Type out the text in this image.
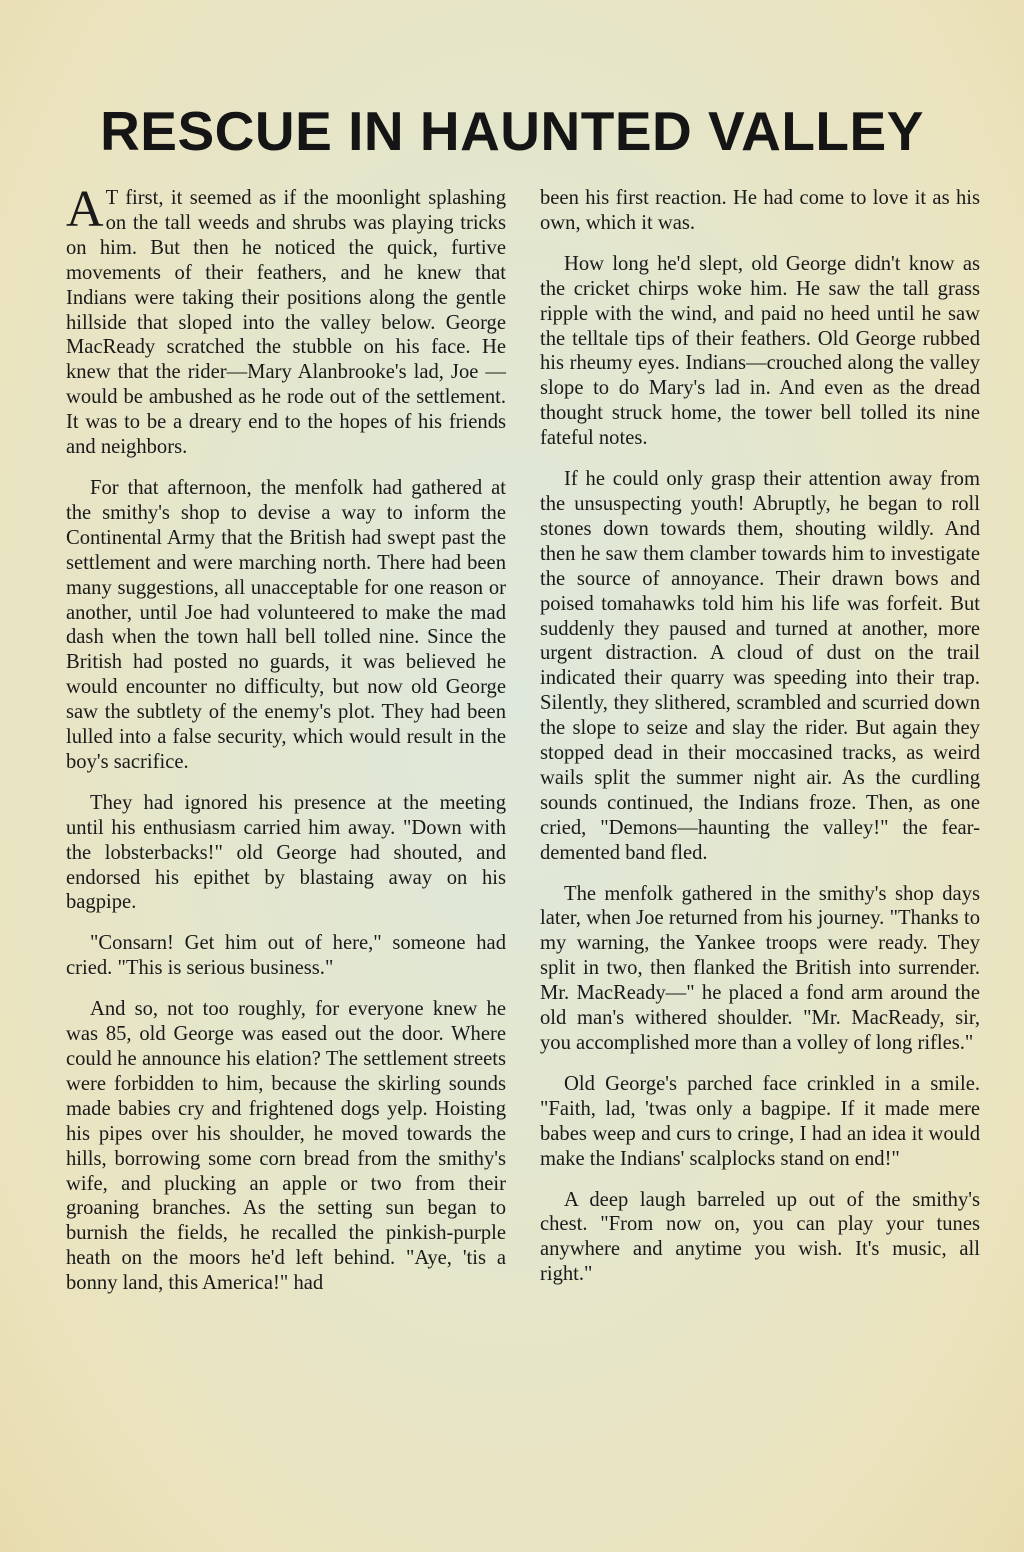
RESCUE IN HAUNTED VALLEY

A T first, it seemed as if the moonlight splashing on the tall weeds and shrubs was playing tricks on him. But then he noticed the quick, furtive movements of their feathers, and he knew that Indians were taking their positions along the gentle hillside that sloped into the valley below. George MacReady scratched the stubble on his face. He knew that the rider—Mary Alanbrooke's lad, Joe —would be ambushed as he rode out of the settlement. It was to be a dreary end to the hopes of his friends and neighbors.

For that afternoon, the menfolk had gathered at the smithy's shop to devise a way to inform the Continental Army that the British had swept past the settlement and were marching north. There had been many suggestions, all unacceptable for one reason or another, until Joe had volunteered to make the mad dash when the town hall bell tolled nine. Since the British had posted no guards, it was believed he would encounter no difficulty, but now old George saw the subtlety of the enemy's plot. They had been lulled into a false security, which would result in the boy's sacrifice.

They had ignored his presence at the meeting until his enthusiasm carried him away. "Down with the lobsterbacks!" old George had shouted, and endorsed his epithet by blastaing away on his bagpipe.

"Consarn! Get him out of here," someone had cried. "This is serious business."

And so, not too roughly, for everyone knew he was 85, old George was eased out the door. Where could he announce his elation? The settlement streets were forbidden to him, because the skirling sounds made babies cry and frightened dogs yelp. Hoisting his pipes over his shoulder, he moved towards the hills, borrowing some corn bread from the smithy's wife, and plucking an apple or two from their groaning branches. As the setting sun began to burnish the fields, he recalled the pinkish-purple heath on the moors he'd left behind. "Aye, 'tis a bonny land, this America!" had

been his first reaction. He had come to love it as his own, which it was.

How long he'd slept, old George didn't know as the cricket chirps woke him. He saw the tall grass ripple with the wind, and paid no heed until he saw the telltale tips of their feathers. Old George rubbed his rheumy eyes. Indians—crouched along the valley slope to do Mary's lad in. And even as the dread thought struck home, the tower bell tolled its nine fateful notes.

If he could only grasp their attention away from the unsuspecting youth! Abruptly, he began to roll stones down towards them, shouting wildly. And then he saw them clamber towards him to investigate the source of annoyance. Their drawn bows and poised tomahawks told him his life was forfeit. But suddenly they paused and turned at another, more urgent distraction. A cloud of dust on the trail indicated their quarry was speeding into their trap. Silently, they slithered, scrambled and scurried down the slope to seize and slay the rider. But again they stopped dead in their moccasined tracks, as weird wails split the summer night air. As the curdling sounds continued, the Indians froze. Then, as one cried, "Demons—haunting the valley!" the fear-demented band fled.

The menfolk gathered in the smithy's shop days later, when Joe returned from his journey. "Thanks to my warning, the Yankee troops were ready. They split in two, then flanked the British into surrender. Mr. MacReady—" he placed a fond arm around the old man's withered shoulder. "Mr. MacReady, sir, you accomplished more than a volley of long rifles."

Old George's parched face crinkled in a smile. "Faith, lad, 'twas only a bagpipe. If it made mere babes weep and curs to cringe, I had an idea it would make the Indians' scalplocks stand on end!"

A deep laugh barreled up out of the smithy's chest. "From now on, you can play your tunes anywhere and anytime you wish. It's music, all right."
